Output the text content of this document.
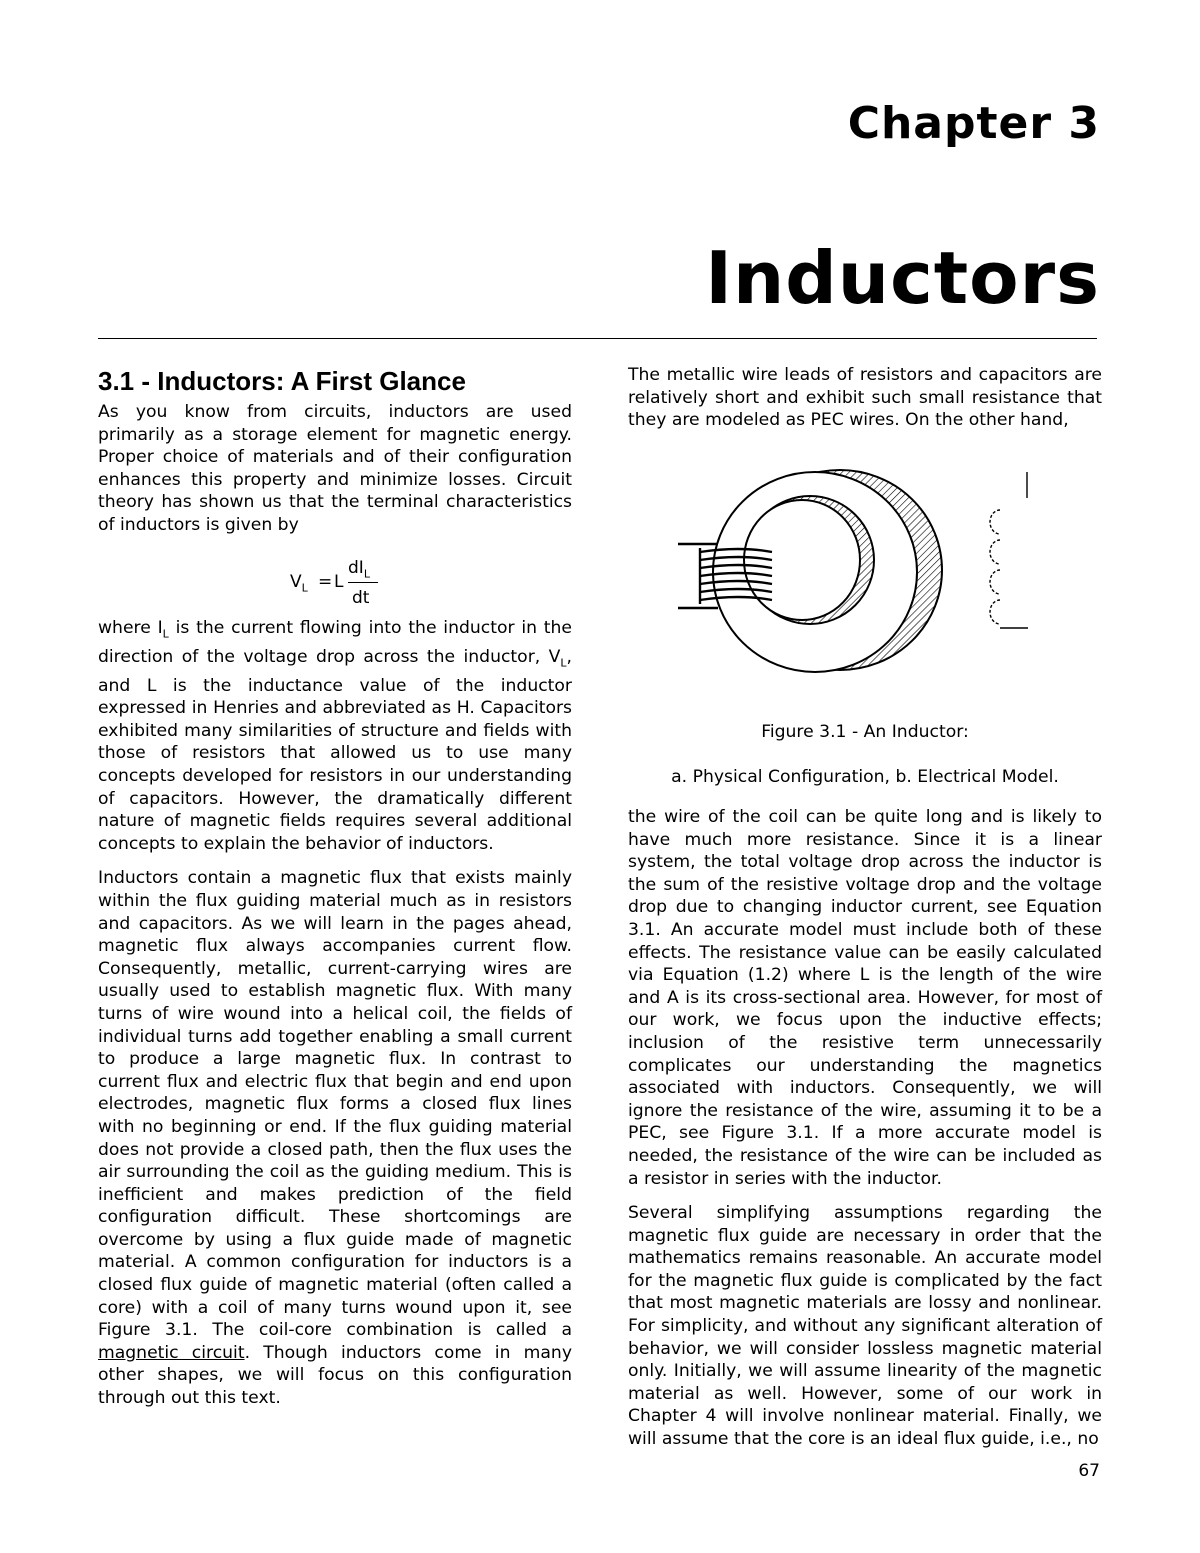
Chapter 3
Inductors
3.1 - Inductors: A First Glance

As you know from circuits, inductors are used primarily as a storage element for magnetic energy. Proper choice of materials and of their configuration enhances this property and minimize losses. Circuit theory has shown us that the terminal characteristics of inductors is given by

$V_L = L$
$dI_L$
dt

where $I_L$ is the current flowing into the inductor in the direction of the voltage drop across the inductor, $V_L$, and L is the inductance value of the inductor expressed in Henries and abbreviated as H. Capacitors exhibited many similarities of structure and fields with those of resistors that allowed us to use many concepts developed for resistors in our understanding of capacitors. However, the dramatically different nature of magnetic fields requires several additional concepts to explain the behavior of inductors.

Inductors contain a magnetic flux that exists mainly within the flux guiding material much as in resistors and capacitors. As we will learn in the pages ahead, magnetic flux always accompanies current flow. Consequently, metallic, current-carrying wires are usually used to establish magnetic flux. With many turns of wire wound into a helical coil, the fields of individual turns add together enabling a small current to produce a large magnetic flux. In contrast to current flux and electric flux that begin and end upon electrodes, magnetic flux forms a closed flux lines with no beginning or end. If the flux guiding material does not provide a closed path, then the flux uses the air surrounding the coil as the guiding medium. This is inefficient and makes prediction of the field configuration difficult. These shortcomings are overcome by using a flux guide made of magnetic material. A common configuration for inductors is a closed flux guide of magnetic material (often called a core) with a coil of many turns wound upon it, see Figure 3.1. The coil-core combination is called a magnetic circuit. Though inductors come in many other shapes, we will focus on this configuration through out this text.

The metallic wire leads of resistors and capacitors are relatively short and exhibit such small resistance that they are modeled as PEC wires. On the other hand,

Figure 3.1 - An Inductor:
a. Physical Configuration, b. Electrical Model.

the wire of the coil can be quite long and is likely to have much more resistance. Since it is a linear system, the total voltage drop across the inductor is the sum of the resistive voltage drop and the voltage drop due to changing inductor current, see Equation 3.1. An accurate model must include both of these effects. The resistance value can be easily calculated via Equation (1.2) where L is the length of the wire and A is its cross-sectional area. However, for most of our work, we focus upon the inductive effects; inclusion of the resistive term unnecessarily complicates our understanding the magnetics associated with inductors. Consequently, we will ignore the resistance of the wire, assuming it to be a PEC, see Figure 3.1. If a more accurate model is needed, the resistance of the wire can be included as a resistor in series with the inductor.

Several simplifying assumptions regarding the magnetic flux guide are necessary in order that the mathematics remains reasonable. An accurate model for the magnetic flux guide is complicated by the fact that most magnetic materials are lossy and nonlinear. For simplicity, and without any significant alteration of behavior, we will consider lossless magnetic material only. Initially, we will assume linearity of the magnetic material as well. However, some of our work in Chapter 4 will involve nonlinear material. Finally, we will assume that the core is an ideal flux guide, i.e., no

67
